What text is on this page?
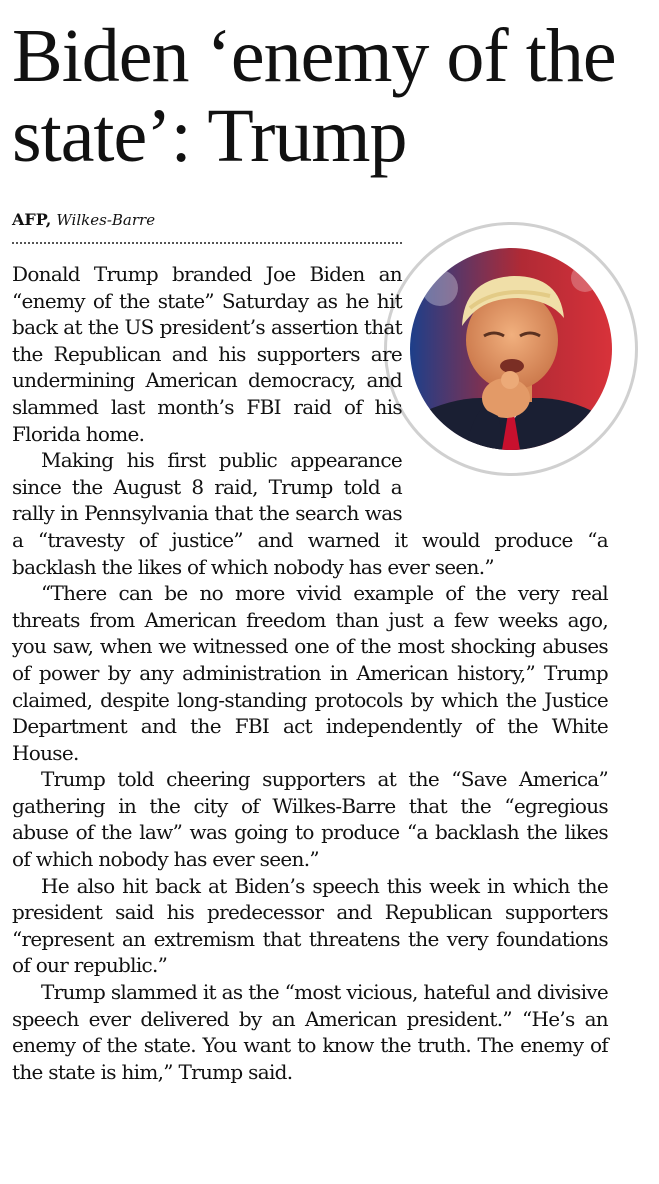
Biden ‘enemy of the state’: Trump
AFP, Wilkes-Barre

Donald Trump branded Joe Biden an “enemy of the state” Saturday as he hit back at the US president’s assertion that the Republican and his supporters are undermining American democracy, and slammed last month’s FBI raid of his Florida home.

Making his first public appearance since the August 8 raid, Trump told a rally in Pennsylvania that the search was a “travesty of justice” and warned it would produce “a backlash the likes of which nobody has ever seen.”

“There can be no more vivid example of the very real threats from American freedom than just a few weeks ago, you saw, when we witnessed one of the most shocking abuses of power by any administration in American history,” Trump claimed, despite long-standing protocols by which the Justice Department and the FBI act independently of the White House.

Trump told cheering supporters at the “Save America” gathering in the city of Wilkes-Barre that the “egregious abuse of the law” was going to produce “a backlash the likes of which nobody has ever seen.”

He also hit back at Biden’s speech this week in which the president said his predecessor and Republican supporters “represent an extremism that threatens the very foundations of our republic.”

Trump slammed it as the “most vicious, hateful and divisive speech ever delivered by an American president.” “He’s an enemy of the state. You want to know the truth. The enemy of the state is him,” Trump said.
